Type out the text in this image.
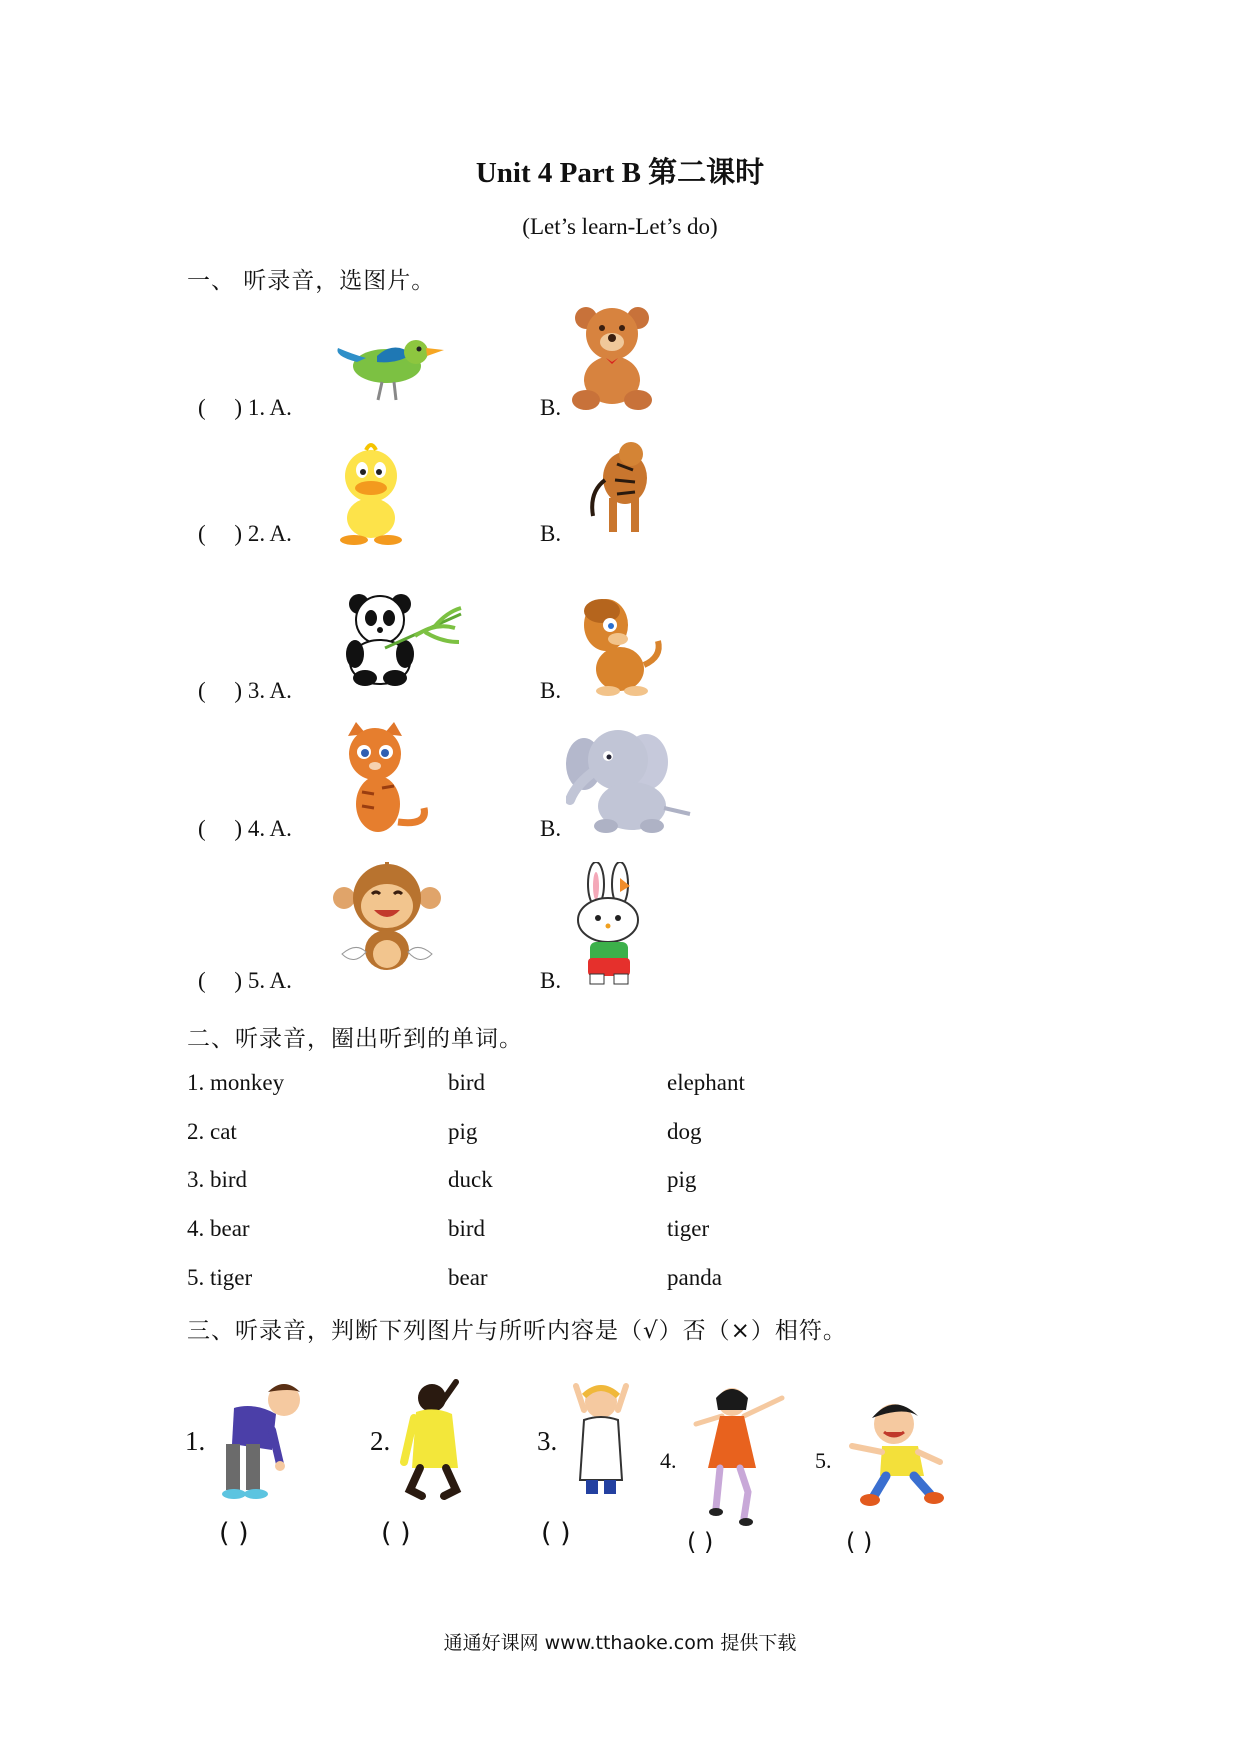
Unit 4 Part B 第二课时
(Let’s learn-Let’s do)
一、 听录音，选图片。
(     ) 1. A.	B.
(     ) 2. A.	B.
(     ) 3. A.	B.
(     ) 4. A.	B.
(     ) 5. A.	B.
二、听录音，圈出听到的单词。
1. monkey	bird	elephant
2. cat	pig	dog
3. bird	duck	pig
4. bear	bird	tiger
5. tiger	bear	panda
三、听录音，判断下列图片与所听内容是（√）否（×）相符。
1.
( )
2.
( )
3.
( )
4.
( )
5.
( )
通通好课网 www.tthaoke.com 提供下载
